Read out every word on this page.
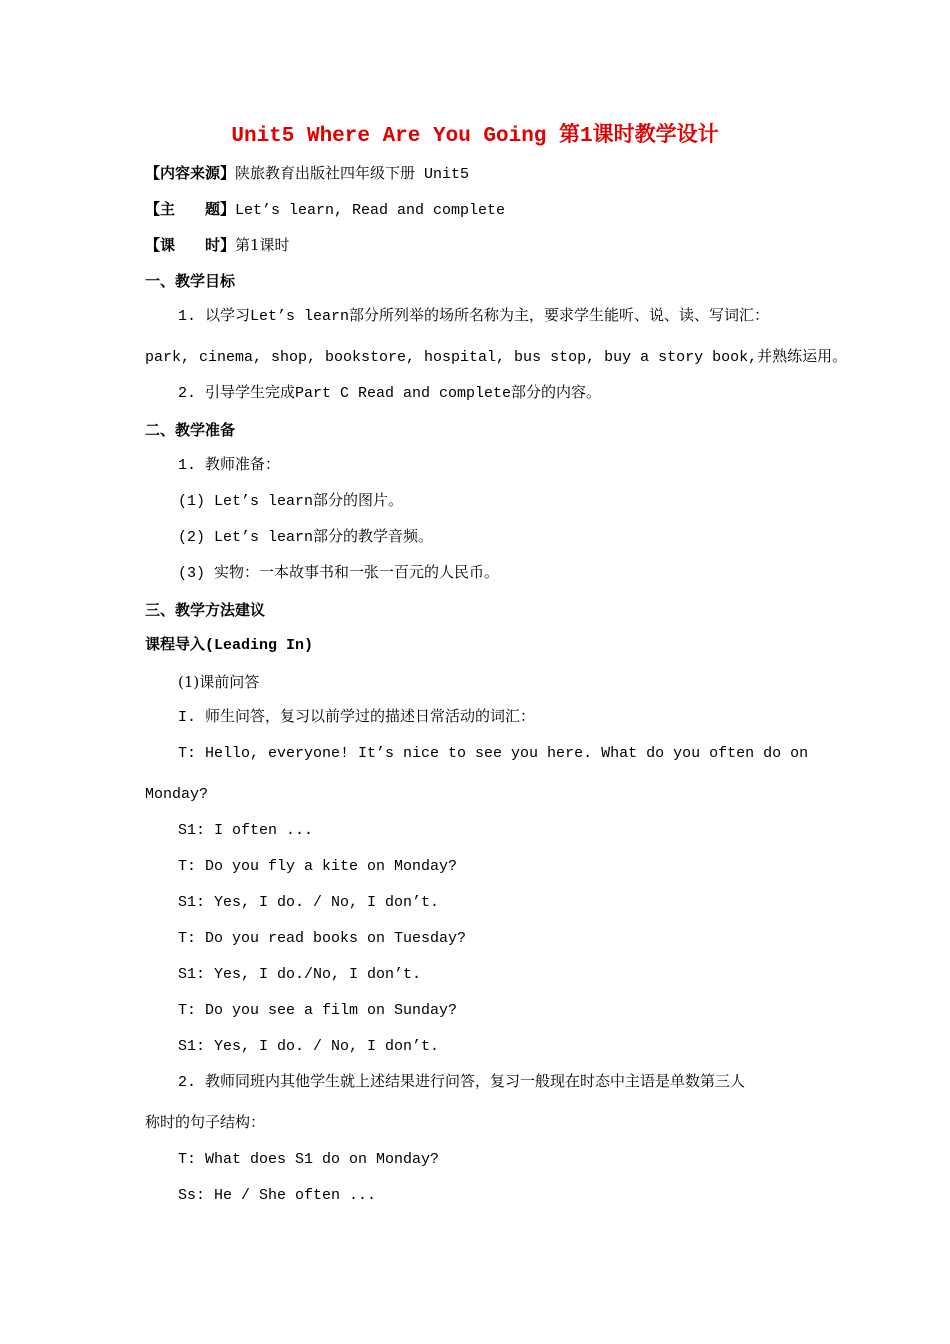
Unit5 Where Are You Going 第1课时教学设计
【内容来源】陕旅教育出版社四年级下册 Unit5
【主　　题】Let’s learn, Read and complete
【课　　时】第1课时
一、教学目标
1. 以学习Let’s learn部分所列举的场所名称为主，要求学生能听、说、读、写词汇：
park, cinema, shop, bookstore, hospital, bus stop, buy a story book,并熟练运用。
2. 引导学生完成Part C Read and complete部分的内容。
二、教学准备
1. 教师准备：
(1) Let’s learn部分的图片。
(2) Let’s learn部分的教学音频。
(3) 实物：一本故事书和一张一百元的人民币。
三、教学方法建议
课程导入(Leading In)
(1)课前问答
I. 师生问答，复习以前学过的描述日常活动的词汇：
T: Hello, everyone! It’s nice to see you here. What do you often do on
Monday?
S1: I often ...
T: Do you fly a kite on Monday?
S1: Yes, I do. / No, I don’t.
T: Do you read books on Tuesday?
S1: Yes, I do./No, I don’t.
T: Do you see a film on Sunday?
S1: Yes, I do. / No, I don’t.
2. 教师同班内其他学生就上述结果进行问答，复习一般现在时态中主语是单数第三人
称时的句子结构：
T: What does S1 do on Monday?
Ss: He / She often ...
